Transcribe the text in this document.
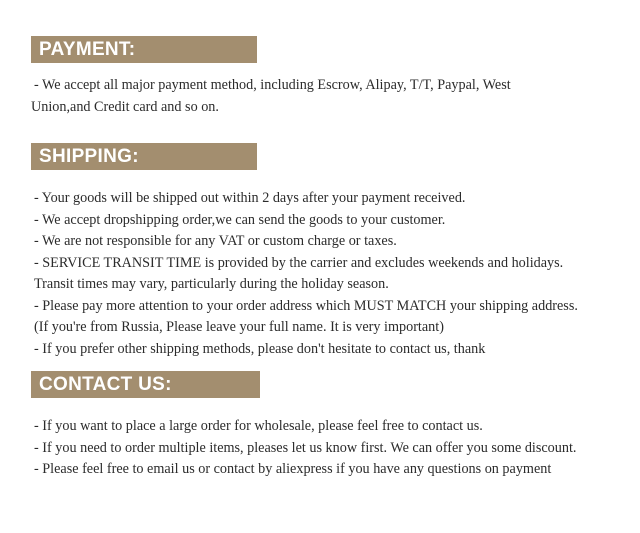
PAYMENT:
- We accept all major payment method, including Escrow, Alipay, T/T, Paypal, West
Union,and Credit card and so on.
SHIPPING:
- Your goods will be shipped out within 2 days after your payment received.
- We accept dropshipping order,we can send the goods to your customer.
- We are not responsible for any VAT or custom charge or taxes.
- SERVICE TRANSIT TIME is provided by the carrier and excludes weekends and holidays.
Transit times may vary, particularly during the holiday season.
- Please pay more attention to your order address which MUST MATCH your shipping address.
(If you're from Russia, Please leave your full name. It is very important)
- If you prefer other shipping methods, please don't hesitate to contact us, thank
CONTACT US:
- If you want to place a large order for wholesale, please feel free to contact us.
- If you need to order multiple items, pleases let us know first. We can offer you some discount.
- Please feel free to email us or contact by aliexpress if you have any questions on payment
